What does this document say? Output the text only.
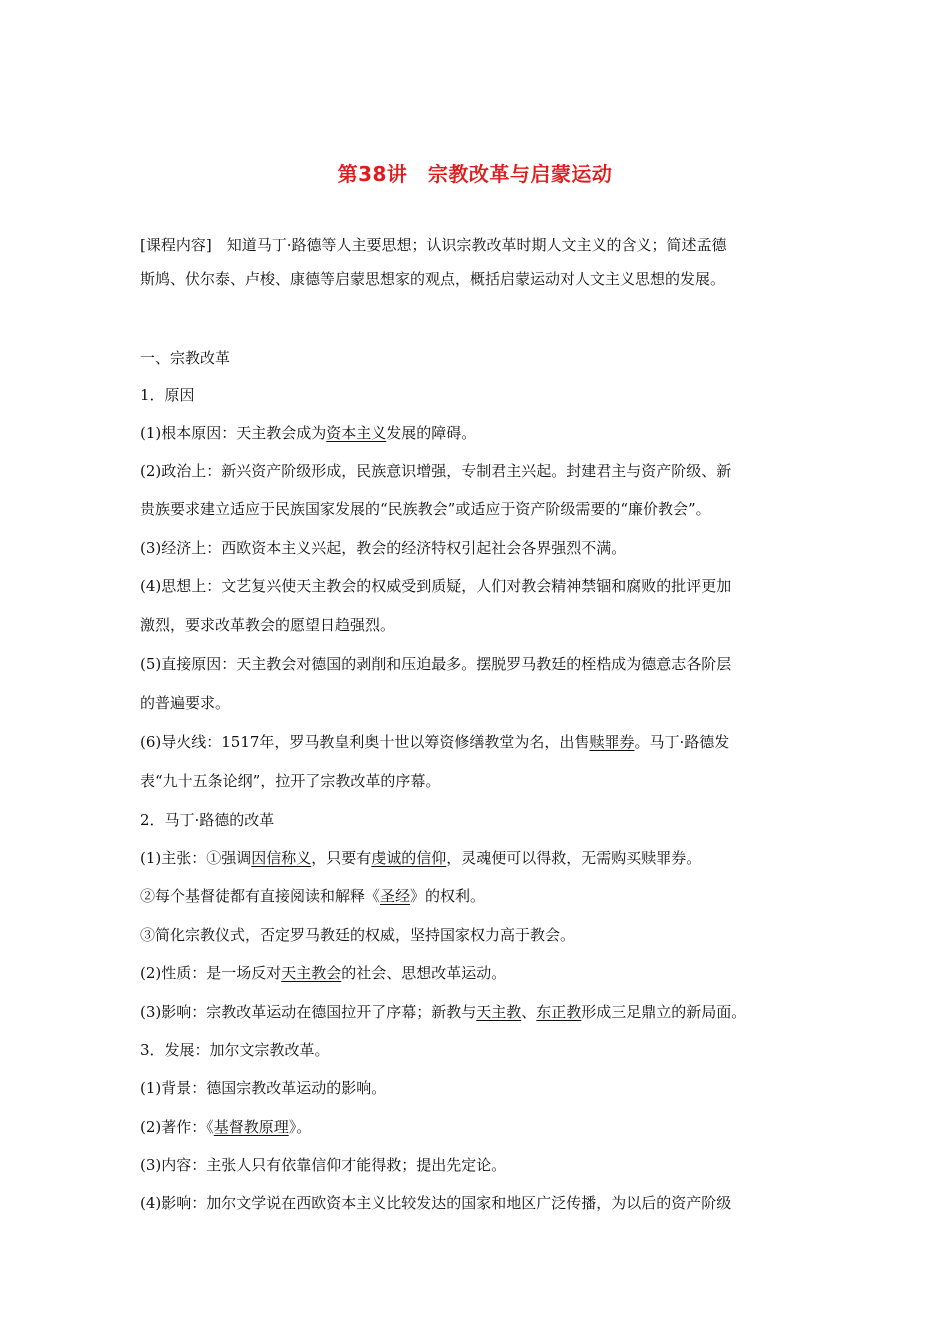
第38讲　宗教改革与启蒙运动
[课程内容]　知道马丁·路德等人主要思想；认识宗教改革时期人文主义的含义；简述孟德
斯鸠、伏尔泰、卢梭、康德等启蒙思想家的观点，概括启蒙运动对人文主义思想的发展。
一、宗教改革
1．原因
(1)根本原因：天主教会成为资本主义发展的障碍。
(2)政治上：新兴资产阶级形成，民族意识增强，专制君主兴起。封建君主与资产阶级、新
贵族要求建立适应于民族国家发展的“民族教会”或适应于资产阶级需要的“廉价教会”。
(3)经济上：西欧资本主义兴起，教会的经济特权引起社会各界强烈不满。
(4)思想上：文艺复兴使天主教会的权威受到质疑，人们对教会精神禁锢和腐败的批评更加
激烈，要求改革教会的愿望日趋强烈。
(5)直接原因：天主教会对德国的剥削和压迫最多。摆脱罗马教廷的桎梏成为德意志各阶层
的普遍要求。
(6)导火线：1517年，罗马教皇利奥十世以筹资修缮教堂为名，出售赎罪券。马丁·路德发
表“九十五条论纲”，拉开了宗教改革的序幕。
2．马丁·路德的改革
(1)主张：①强调因信称义，只要有虔诚的信仰，灵魂便可以得救，无需购买赎罪券。
②每个基督徒都有直接阅读和解释《圣经》的权利。
③简化宗教仪式，否定罗马教廷的权威，坚持国家权力高于教会。
(2)性质：是一场反对天主教会的社会、思想改革运动。
(3)影响：宗教改革运动在德国拉开了序幕；新教与天主教、东正教形成三足鼎立的新局面。
3．发展：加尔文宗教改革。
(1)背景：德国宗教改革运动的影响。
(2)著作：《基督教原理》。
(3)内容：主张人只有依靠信仰才能得救；提出先定论。
(4)影响：加尔文学说在西欧资本主义比较发达的国家和地区广泛传播，为以后的资产阶级
